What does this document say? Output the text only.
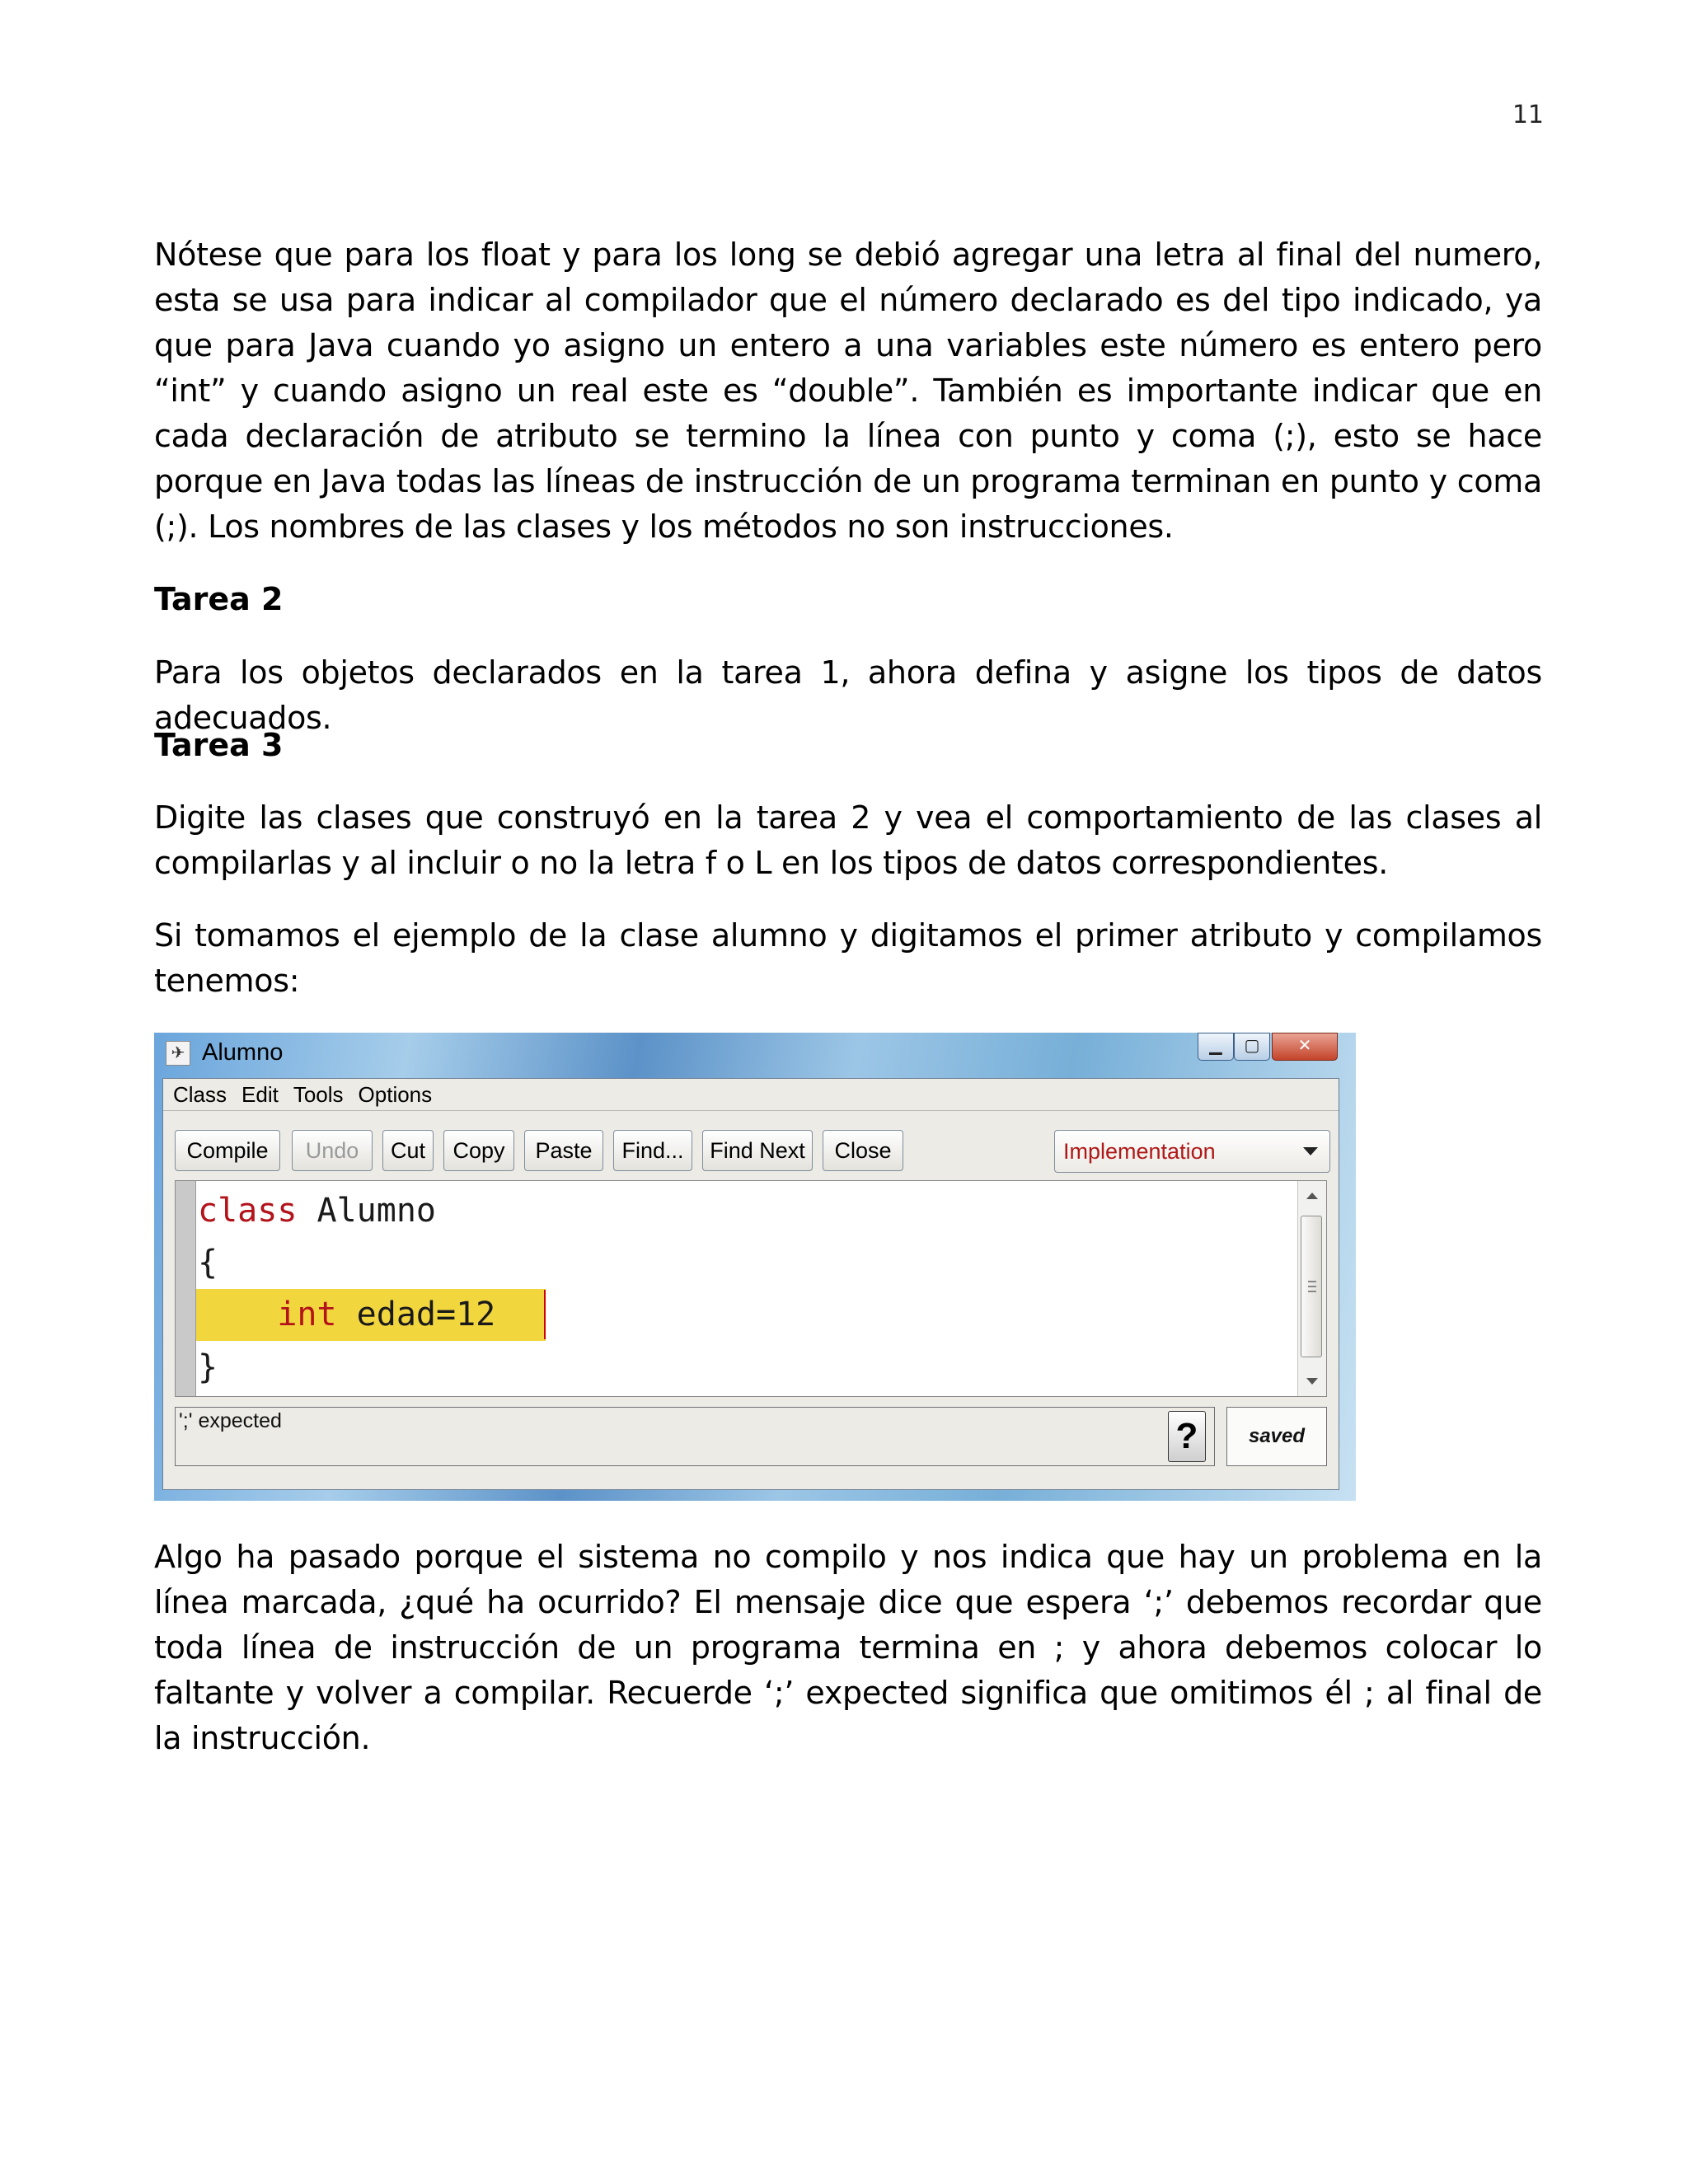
11

Nótese que para los float y para los long se debió agregar una letra al final del numero, esta se usa para indicar al compilador que el número declarado es del tipo indicado, ya que para Java cuando yo asigno un entero a una variables este número es entero pero “int” y cuando asigno un real este es “double”. También es importante indicar que en cada declaración de atributo se termino la línea con punto y coma (;), esto se hace porque en Java todas las líneas de instrucción de un programa terminan en punto y coma (;). Los nombres de las clases y los métodos no son instrucciones.

Tarea 2

Para los objetos declarados en la tarea 1, ahora defina y asigne los tipos de datos adecuados.

Tarea 3

Digite las clases que construyó en la tarea 2 y vea el comportamiento de las clases al compilarlas y al incluir o no la letra f o L en los tipos de datos correspondientes.

Si tomamos el ejemplo de la clase alumno y digitamos el primer atributo y compilamos tenemos:

✈ Alumno	▁	▢	✕
Class Edit Tools Options
Compile	Undo	Cut	Copy	Paste	Find...	Find Next	Close	Implementation
class Alumno
{
int edad=12
}
';' expected	?	saved

Algo ha pasado porque el sistema no compilo y nos indica que hay un problema en la línea marcada, ¿qué ha ocurrido? El mensaje dice que espera ‘;’ debemos recordar que toda línea de instrucción de un programa termina en ; y ahora debemos colocar lo faltante y volver a compilar. Recuerde ‘;’ expected significa que omitimos él ; al final de la instrucción.
